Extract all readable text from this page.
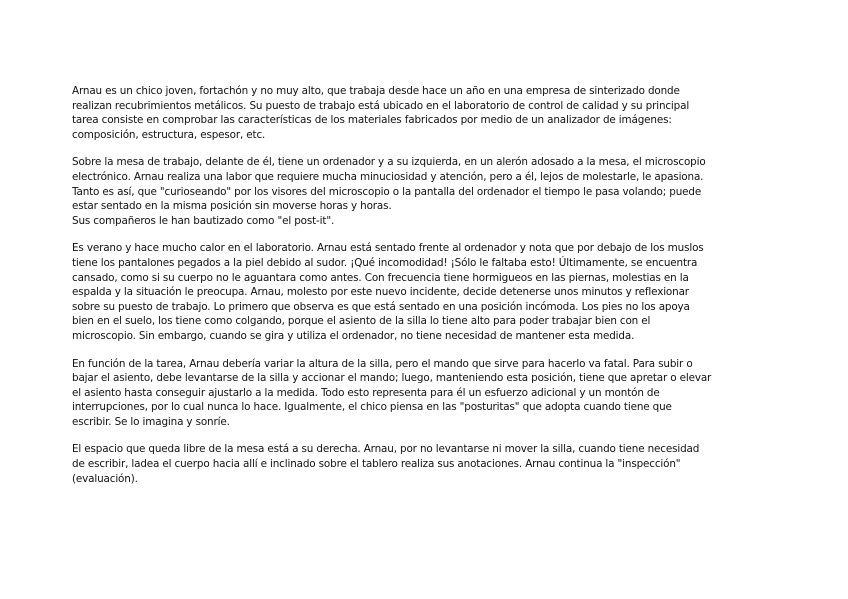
Arnau es un chico joven, fortachón y no muy alto, que trabaja desde hace un año en una empresa de sinterizado donde
realizan recubrimientos metálicos. Su puesto de trabajo está ubicado en el laboratorio de control de calidad y su principal
tarea consiste en comprobar las características de los materiales fabricados por medio de un analizador de imágenes:
composición, estructura, espesor, etc.

Sobre la mesa de trabajo, delante de él, tiene un ordenador y a su izquierda, en un alerón adosado a la mesa, el microscopio
electrónico. Arnau realiza una labor que requiere mucha minuciosidad y atención, pero a él, lejos de molestarle, le apasiona.
Tanto es así, que "curioseando" por los visores del microscopio o la pantalla del ordenador el tiempo le pasa volando; puede
estar sentado en la misma posición sin moverse horas y horas.
Sus compañeros le han bautizado como "el post-it".

Es verano y hace mucho calor en el laboratorio. Arnau está sentado frente al ordenador y nota que por debajo de los muslos
tiene los pantalones pegados a la piel debido al sudor. ¡Qué incomodidad! ¡Sólo le faltaba esto! Últimamente, se encuentra
cansado, como si su cuerpo no le aguantara como antes. Con frecuencia tiene hormigueos en las piernas, molestias en la
espalda y la situación le preocupa. Arnau, molesto por este nuevo incidente, decide detenerse unos minutos y reflexionar
sobre su puesto de trabajo. Lo primero que observa es que está sentado en una posición incómoda. Los pies no los apoya
bien en el suelo, los tiene como colgando, porque el asiento de la silla lo tiene alto para poder trabajar bien con el
microscopio. Sin embargo, cuando se gira y utiliza el ordenador, no tiene necesidad de mantener esta medida.

En función de la tarea, Arnau debería variar la altura de la silla, pero el mando que sirve para hacerlo va fatal. Para subir o
bajar el asiento, debe levantarse de la silla y accionar el mando; luego, manteniendo esta posición, tiene que apretar o elevar
el asiento hasta conseguir ajustarlo a la medida. Todo esto representa para él un esfuerzo adicional y un montón de
interrupciones, por lo cual nunca lo hace. Igualmente, el chico piensa en las "posturitas" que adopta cuando tiene que
escribir. Se lo imagina y sonríe.

El espacio que queda libre de la mesa está a su derecha. Arnau, por no levantarse ni mover la silla, cuando tiene necesidad
de escribir, ladea el cuerpo hacia allí e inclinado sobre el tablero realiza sus anotaciones. Arnau continua la "inspección"
(evaluación).
